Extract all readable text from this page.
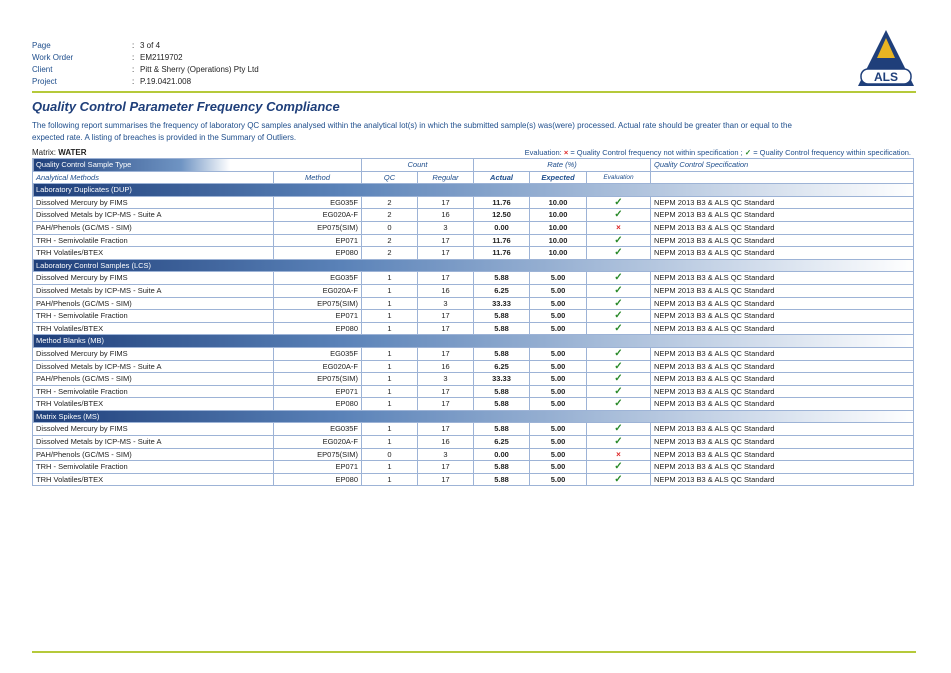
Page	: 3 of 4
Work Order	: EM2119702
Client	: Pitt & Sherry (Operations) Pty Ltd
Project	: P.19.0421.008	ALS
Quality Control Parameter Frequency Compliance
The following report summarises the frequency of laboratory QC samples analysed within the analytical lot(s) in which the submitted sample(s) was(were) processed. Actual rate should be greater than or equal to the expected rate. A listing of breaches is provided in the Summary of Outliers.
Matrix: WATER	Evaluation: × = Quality Control frequency not within specification ; ✓ = Quality Control frequency within specification.
Quality Control Sample Type		Count		Rate (%)			Quality Control Specification
Analytical Methods	Method	QC	Regular	Actual	Expected	Evaluation	
Laboratory Duplicates (DUP)							
Dissolved Mercury by FIMS	EG035F	2	17	11.76	10.00	✓	NEPM 2013 B3 & ALS QC Standard
Dissolved Metals by ICP-MS - Suite A	EG020A-F	2	16	12.50	10.00	✓	NEPM 2013 B3 & ALS QC Standard
PAH/Phenols (GC/MS - SIM)	EP075(SIM)	0	3	0.00	10.00	×	NEPM 2013 B3 & ALS QC Standard
TRH - Semivolatile Fraction	EP071	2	17	11.76	10.00	✓	NEPM 2013 B3 & ALS QC Standard
TRH Volatiles/BTEX	EP080	2	17	11.76	10.00	✓	NEPM 2013 B3 & ALS QC Standard
Laboratory Control Samples (LCS)							
Dissolved Mercury by FIMS	EG035F	1	17	5.88	5.00	✓	NEPM 2013 B3 & ALS QC Standard
Dissolved Metals by ICP-MS - Suite A	EG020A-F	1	16	6.25	5.00	✓	NEPM 2013 B3 & ALS QC Standard
PAH/Phenols (GC/MS - SIM)	EP075(SIM)	1	3	33.33	5.00	✓	NEPM 2013 B3 & ALS QC Standard
TRH - Semivolatile Fraction	EP071	1	17	5.88	5.00	✓	NEPM 2013 B3 & ALS QC Standard
TRH Volatiles/BTEX	EP080	1	17	5.88	5.00	✓	NEPM 2013 B3 & ALS QC Standard
Method Blanks (MB)							
Dissolved Mercury by FIMS	EG035F	1	17	5.88	5.00	✓	NEPM 2013 B3 & ALS QC Standard
Dissolved Metals by ICP-MS - Suite A	EG020A-F	1	16	6.25	5.00	✓	NEPM 2013 B3 & ALS QC Standard
PAH/Phenols (GC/MS - SIM)	EP075(SIM)	1	3	33.33	5.00	✓	NEPM 2013 B3 & ALS QC Standard
TRH - Semivolatile Fraction	EP071	1	17	5.88	5.00	✓	NEPM 2013 B3 & ALS QC Standard
TRH Volatiles/BTEX	EP080	1	17	5.88	5.00	✓	NEPM 2013 B3 & ALS QC Standard
Matrix Spikes (MS)							
Dissolved Mercury by FIMS	EG035F	1	17	5.88	5.00	✓	NEPM 2013 B3 & ALS QC Standard
Dissolved Metals by ICP-MS - Suite A	EG020A-F	1	16	6.25	5.00	✓	NEPM 2013 B3 & ALS QC Standard
PAH/Phenols (GC/MS - SIM)	EP075(SIM)	0	3	0.00	5.00	×	NEPM 2013 B3 & ALS QC Standard
TRH - Semivolatile Fraction	EP071	1	17	5.88	5.00	✓	NEPM 2013 B3 & ALS QC Standard
TRH Volatiles/BTEX	EP080	1	17	5.88	5.00	✓	NEPM 2013 B3 & ALS QC Standard
